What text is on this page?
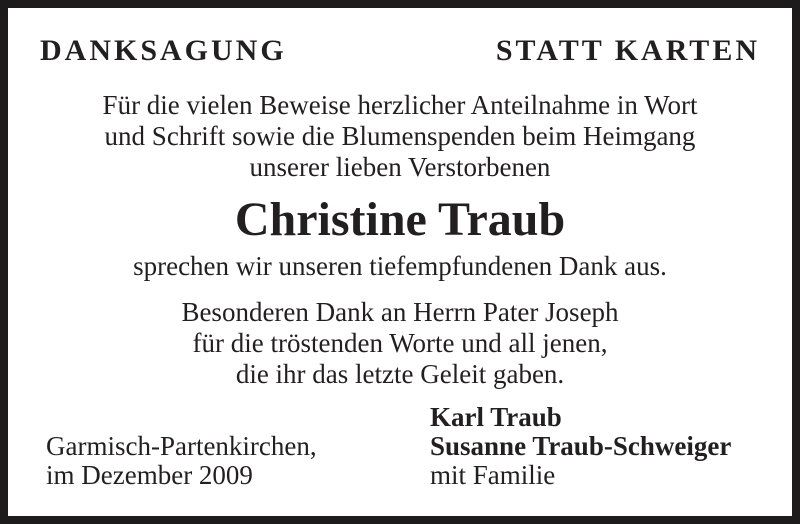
DANKSAGUNG	STATT KARTEN
Für die vielen Beweise herzlicher Anteilnahme in Wort
und Schrift sowie die Blumenspenden beim Heimgang
unserer lieben Verstorbenen
Christine Traub
sprechen wir unseren tiefempfundenen Dank aus.
Besonderen Dank an Herrn Pater Joseph
für die tröstenden Worte und all jenen,
die ihr das letzte Geleit gaben.
Garmisch-Partenkirchen,
im Dezember 2009
Karl Traub
Susanne Traub-Schweiger
mit Familie
